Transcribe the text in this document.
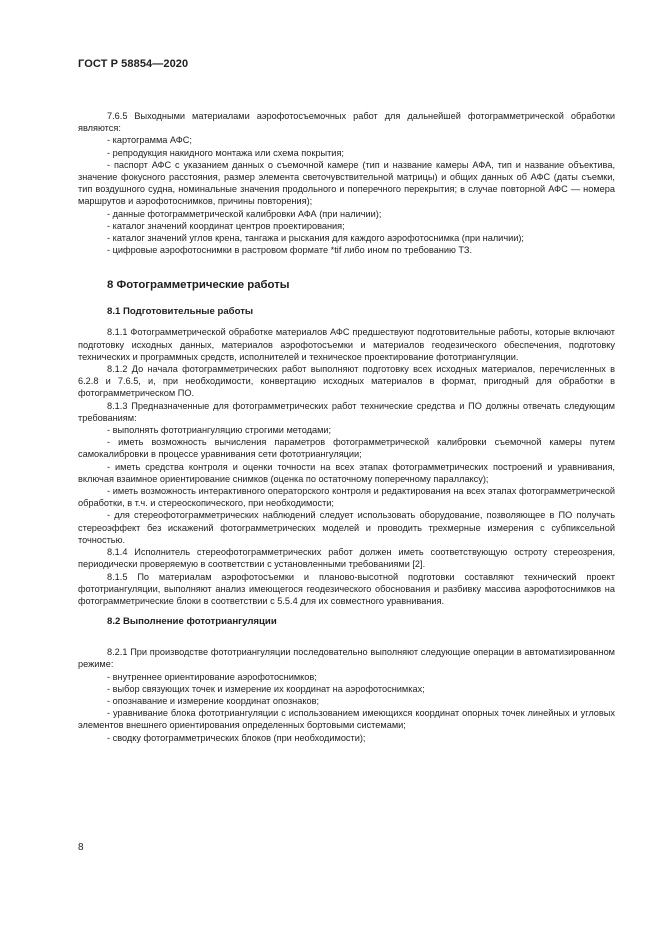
ГОСТ Р 58854—2020

7.6.5 Выходными материалами аэрофотосъемочных работ для дальнейшей фотограмметрической обработки являются:

- картограмма АФС;

- репродукция накидного монтажа или схема покрытия;

- паспорт АФС с указанием данных о съемочной камере (тип и название камеры АФА, тип и название объектива, значение фокусного расстояния, размер элемента светочувствительной матрицы) и общих данных об АФС (даты съемки, тип воздушного судна, номинальные значения продольного и поперечного перекрытия; в случае повторной АФС — номера маршрутов и аэрофотоснимков, причины повторения);

- данные фотограмметрической калибровки АФА (при наличии);

- каталог значений координат центров проектирования;

- каталог значений углов крена, тангажа и рыскания для каждого аэрофотоснимка (при наличии);

- цифровые аэрофотоснимки в растровом формате *tif либо ином по требованию ТЗ.

8 Фотограмметрические работы
8.1 Подготовительные работы

8.1.1 Фотограмметрической обработке материалов АФС предшествуют подготовительные работы, которые включают подготовку исходных данных, материалов аэрофотосъемки и материалов геодезического обеспечения, подготовку технических и программных средств, исполнителей и техническое проектирование фототриангуляции.

8.1.2 До начала фотограмметрических работ выполняют подготовку всех исходных материалов, перечисленных в 6.2.8 и 7.6.5, и, при необходимости, конвертацию исходных материалов в формат, пригодный для обработки в фотограмметрическом ПО.

8.1.3 Предназначенные для фотограмметрических работ технические средства и ПО должны отвечать следующим требованиям:

- выполнять фототриангуляцию строгими методами;

- иметь возможность вычисления параметров фотограмметрической калибровки съемочной камеры путем самокалибровки в процессе уравнивания сети фототриангуляции;

- иметь средства контроля и оценки точности на всех этапах фотограмметрических построений и уравнивания, включая взаимное ориентирование снимков (оценка по остаточному поперечному параллаксу);

- иметь возможность интерактивного операторского контроля и редактирования на всех этапах фотограмметрической обработки, в т.ч. и стереоскопического, при необходимости;

- для стереофотограмметрических наблюдений следует использовать оборудование, позволяющее в ПО получать стереоэффект без искажений фотограмметрических моделей и проводить трехмерные измерения с субпиксельной точностью.

8.1.4 Исполнитель стереофотограмметрических работ должен иметь соответствующую остроту стереозрения, периодически проверяемую в соответствии с установленными требованиями [2].

8.1.5 По материалам аэрофотосъемки и планово-высотной подготовки составляют технический проект фототриангуляции, выполняют анализ имеющегося геодезического обоснования и разбивку массива аэрофотоснимков на фотограмметрические блоки в соответствии с 5.5.4 для их совместного уравнивания.

8.2 Выполнение фототриангуляции

8.2.1 При производстве фототриангуляции последовательно выполняют следующие операции в автоматизированном режиме:

- внутреннее ориентирование аэрофотоснимков;

- выбор связующих точек и измерение их координат на аэрофотоснимках;

- опознавание и измерение координат опознаков;

- уравнивание блока фототриангуляции с использованием имеющихся координат опорных точек линейных и угловых элементов внешнего ориентирования определенных бортовыми системами;

- сводку фотограмметрических блоков (при необходимости);

8
